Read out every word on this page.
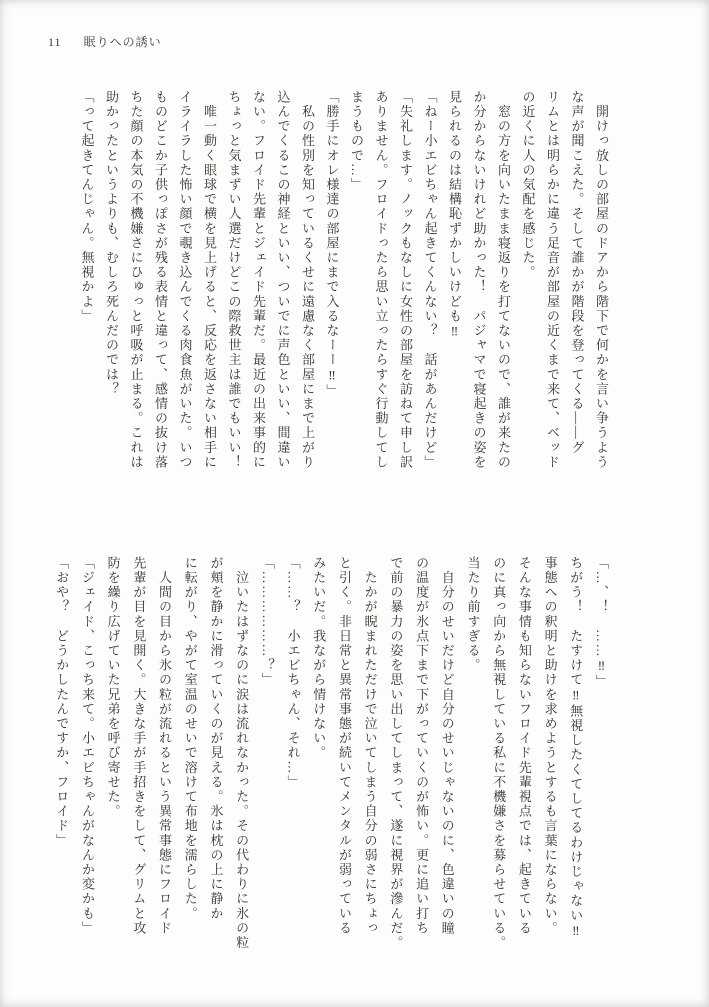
11 眠りへの誘い
　開けっ放しの部屋のドアから階下で何かを言い争うよう
な声が聞こえた。そして誰かが階段を登ってくる——グ
リムとは明らかに違う足音が部屋の近くまで来て、ベッド
の近くに人の気配を感じた。
　窓の方を向いたまま寝返りを打てないので、誰が来たの
か分からないけれど助かった！　パジャマで寝起きの姿を
見られるのは結構恥ずかしいけども‼
「ねー小エビちゃん起きてくんない？　話があんだけど」
「失礼します。ノックもなしに女性の部屋を訪ねて申し訳
ありません。フロイドったら思い立ったらすぐ行動してし
まうもので…」
「勝手にオレ様達の部屋にまで入るなーー‼」
　私の性別を知っているくせに遠慮なく部屋にまで上がり
込んでくるこの神経といい、ついでに声色といい、間違い
ない。フロイド先輩とジェイド先輩だ。最近の出来事的に
ちょっと気まずい人選だけどこの際救世主は誰でもいい！
　唯一動く眼球で横を見上げると、反応を返さない相手に
イライラした怖い顔で覗き込んでくる肉食魚がいた。いつ
ものどこか子供っぽさが残る表情と違って、感情の抜け落
ちた顔の本気の不機嫌さにひゅっと呼吸が止まる。これは
助かったというよりも、むしろ死んだのでは？
「って起きてんじゃん。無視かよ」
「…、！　……‼」
ちがう！　たすけて‼無視したくてしてるわけじゃない‼
事態への釈明と助けを求めようとするも言葉にならない。
そんな事情も知らないフロイド先輩視点では、起きている
のに真っ向から無視している私に不機嫌さを募らせている。
当たり前すぎる。
　自分のせいだけど自分のせいじゃないのに、色違いの瞳
の温度が氷点下まで下がっていくのが怖い。更に追い打ち
で前の暴力の姿を思い出してしまって、遂に視界が滲んだ。
　たかが睨まれただけで泣いてしまう自分の弱さにちょっ
と引く。非日常と異常事態が続いてメンタルが弱っている
みたいだ。我ながら情けない。
「……？　小エビちゃん、それ…」
「………………？」
　泣いたはずなのに涙は流れなかった。その代わりに氷の粒
が頬を静かに滑っていくのが見える。氷は枕の上に静か
に転がり、やがて室温のせいで溶けて布地を濡らした。
　人間の目から氷の粒が流れるという異常事態にフロイド
先輩が目を見開く。大きな手が手招きをして、グリムと攻
防を繰り広げていた兄弟を呼び寄せた。
「ジェイド、こっち来て。小エビちゃんがなんか変かも」
「おや？　どうかしたんですか、フロイド」
